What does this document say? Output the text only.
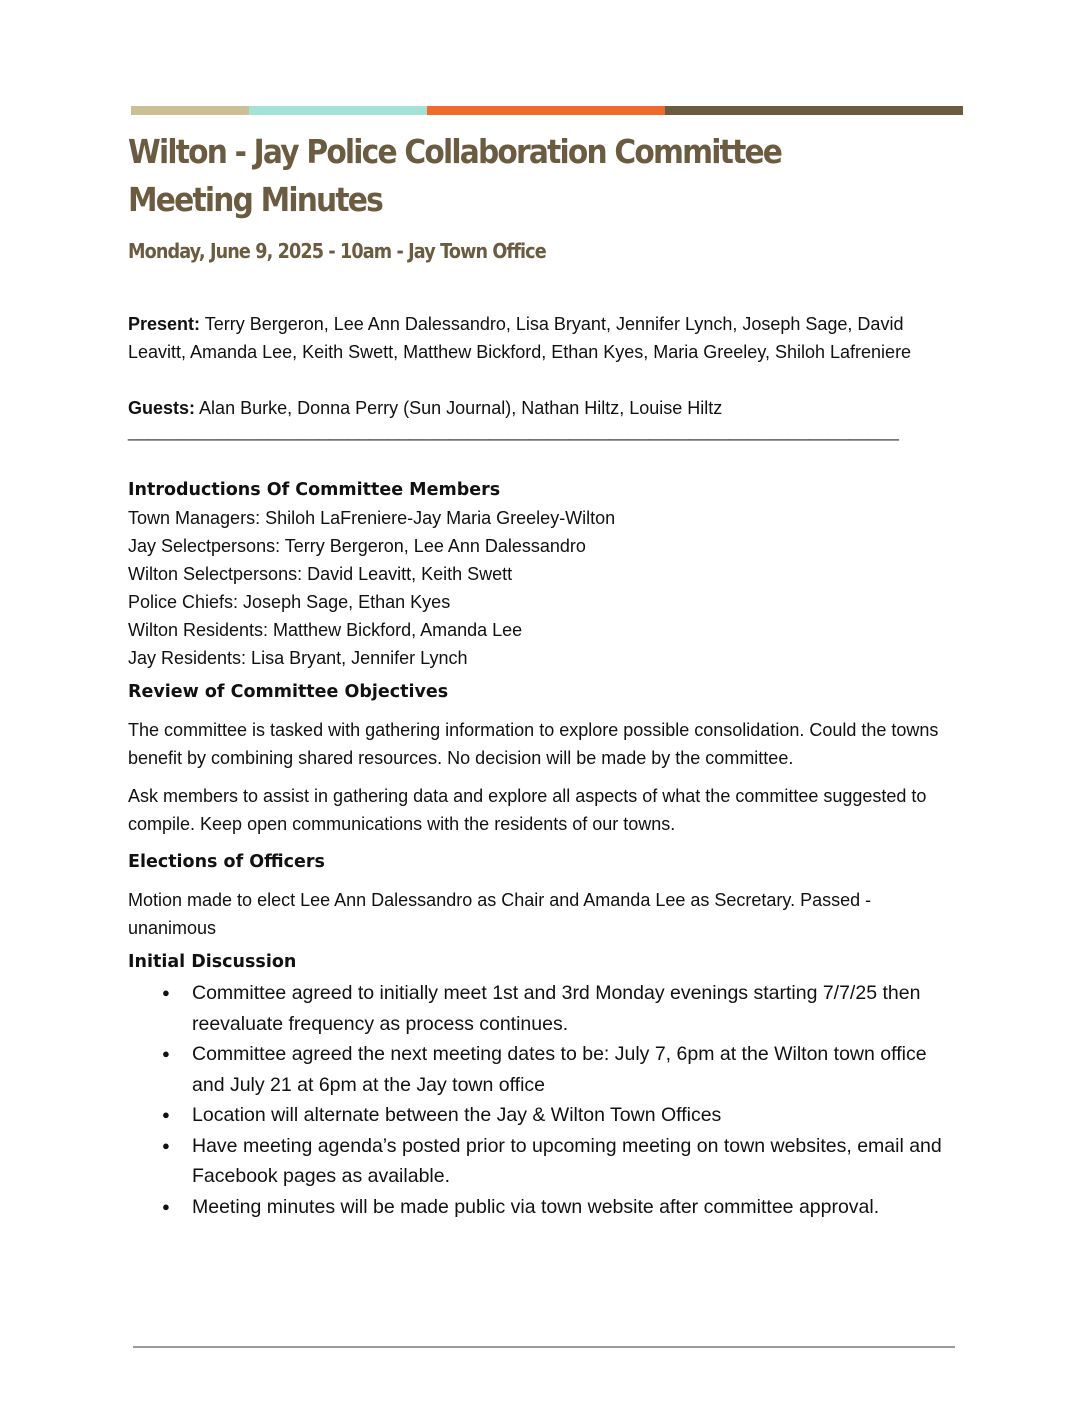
Wilton - Jay Police Collaboration Committee Meeting Minutes
Monday, June 9, 2025 - 10am - Jay Town Office

Present: Terry Bergeron, Lee Ann Dalessandro, Lisa Bryant, Jennifer Lynch, Joseph Sage, David Leavitt, Amanda Lee, Keith Swett, Matthew Bickford, Ethan Kyes, Maria Greeley, Shiloh Lafreniere

Guests: Alan Burke, Donna Perry (Sun Journal), Nathan Hiltz, Louise Hiltz

_____________________________________________________________________________

Introductions Of Committee Members

Town Managers: Shiloh LaFreniere-Jay Maria Greeley-Wilton

Jay Selectpersons: Terry Bergeron, Lee Ann Dalessandro

Wilton Selectpersons: David Leavitt, Keith Swett

Police Chiefs: Joseph Sage, Ethan Kyes

Wilton Residents: Matthew Bickford, Amanda Lee

Jay Residents: Lisa Bryant, Jennifer Lynch

Review of Committee Objectives

The committee is tasked with gathering information to explore possible consolidation. Could the towns benefit by combining shared resources. No decision will be made by the committee.

Ask members to assist in gathering data and explore all aspects of what the committee suggested to compile. Keep open communications with the residents of our towns.

Elections of Officers

Motion made to elect Lee Ann Dalessandro as Chair and Amanda Lee as Secretary. Passed - unanimous

Initial Discussion
● Committee agreed to initially meet 1st and 3rd Monday evenings starting 7/7/25 then reevaluate frequency as process continues.
● Committee agreed the next meeting dates to be: July 7, 6pm at the Wilton town office and July 21 at 6pm at the Jay town office
● Location will alternate between the Jay & Wilton Town Offices
● Have meeting agenda’s posted prior to upcoming meeting on town websites, email and Facebook pages as available.
● Meeting minutes will be made public via town website after committee approval.
